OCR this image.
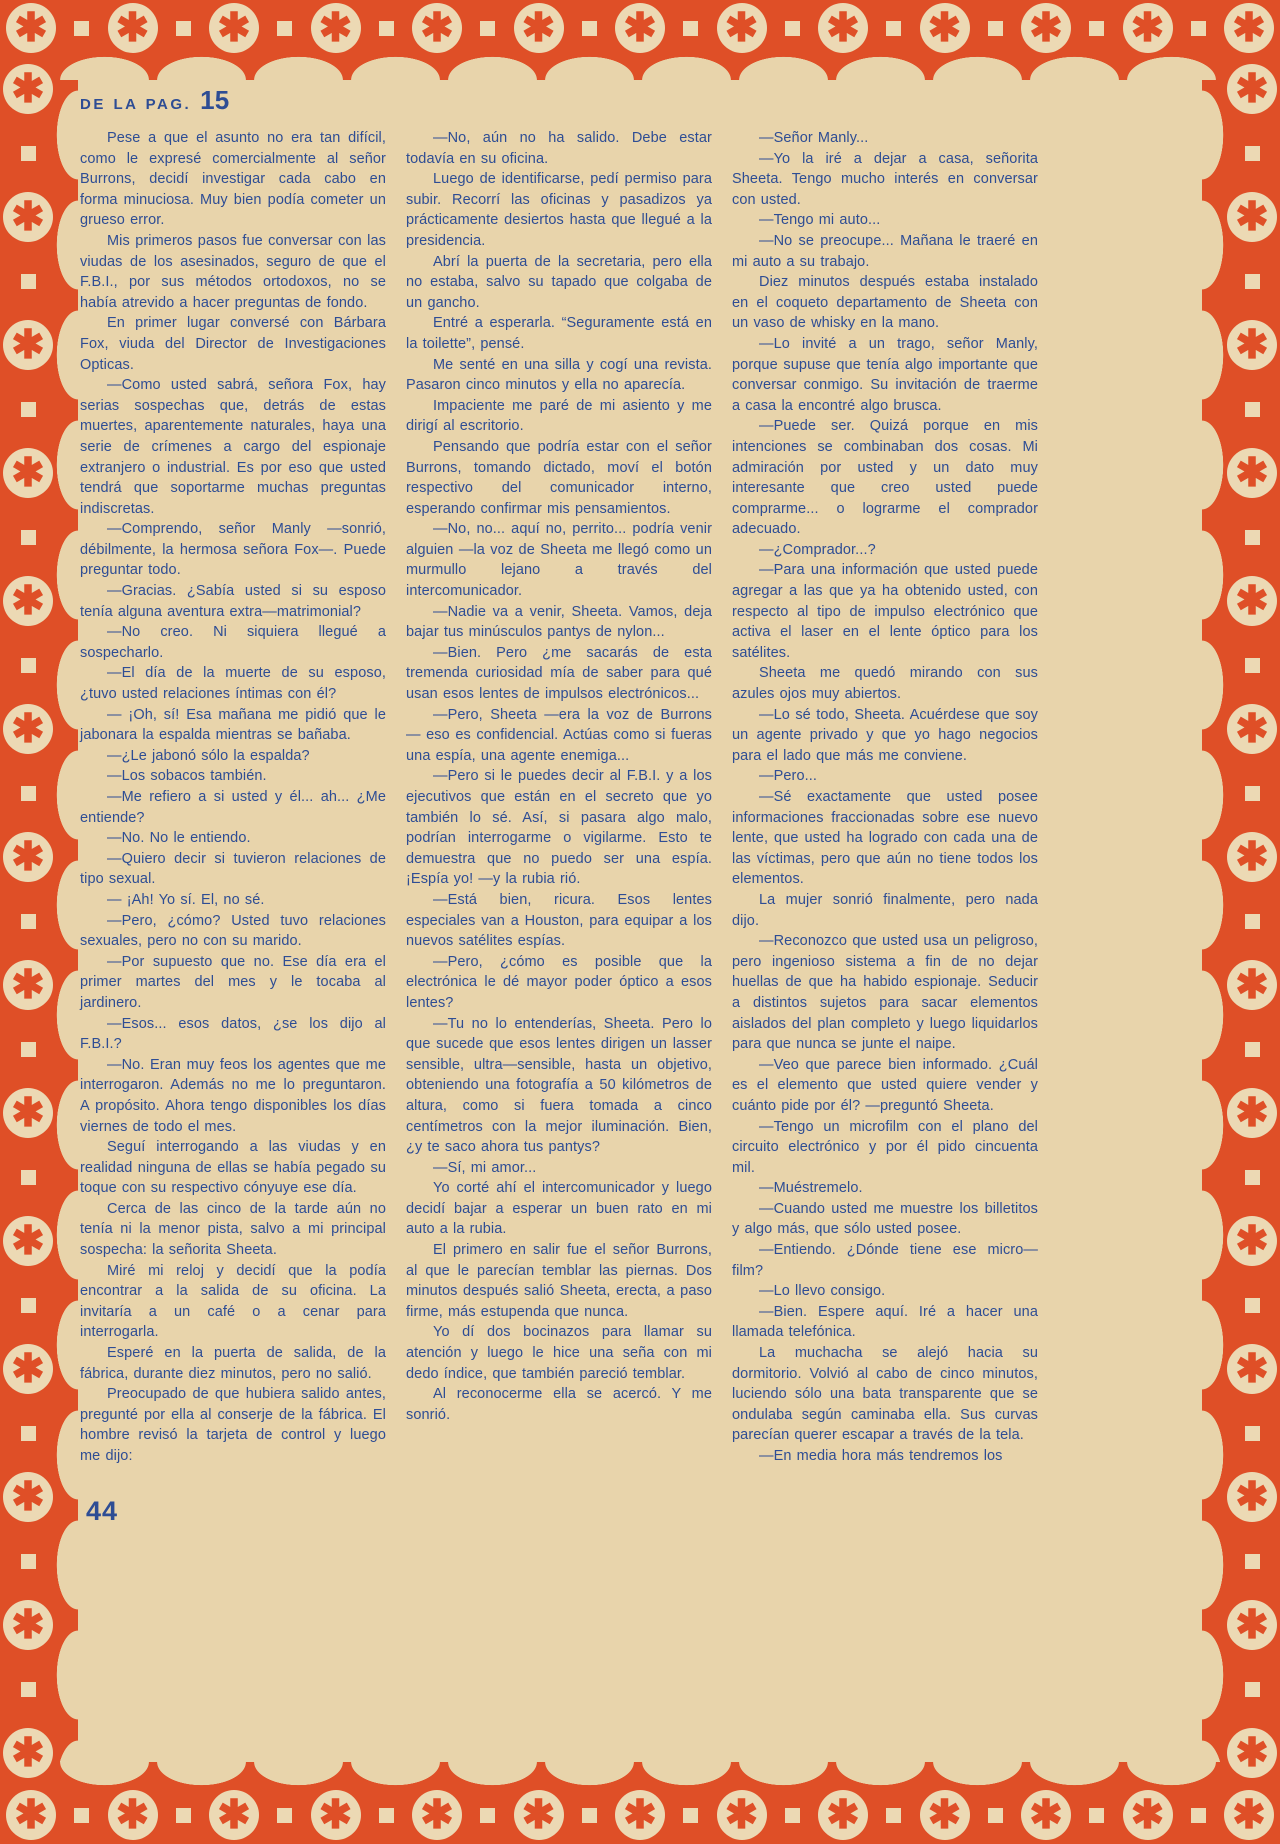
✱ ✱ ✱ ✱ ✱ ✱ ✱ ✱ ✱ ✱ ✱ ✱ ✱
✱ ✱ ✱ ✱ ✱ ✱ ✱ ✱ ✱ ✱ ✱ ✱ ✱
✱
✱
✱
✱
✱
✱
✱
✱
✱
✱
✱
✱
✱
✱
✱
✱
✱
✱
✱
✱
✱
✱
✱
✱
✱
✱
✱
✱
DE LA PAG. 15

Pese a que el asunto no era tan difícil, como le expresé comercialmente al señor Burrons, decidí investigar cada cabo en forma minuciosa. Muy bien podía cometer un grueso error.

Mis primeros pasos fue conversar con las viudas de los asesinados, seguro de que el F.B.I., por sus métodos ortodoxos, no se había atrevido a hacer preguntas de fondo.

En primer lugar conversé con Bárbara Fox, viuda del Director de Investigaciones Opticas.

—Como usted sabrá, señora Fox, hay serias sospechas que, detrás de estas muertes, aparentemente naturales, haya una serie de crímenes a cargo del espionaje extranjero o industrial. Es por eso que usted tendrá que soportarme muchas preguntas indiscretas.

—Comprendo, señor Manly —sonrió, débilmente, la hermosa señora Fox—. Puede preguntar todo.

—Gracias. ¿Sabía usted si su esposo tenía alguna aventura extra—matrimonial?

—No creo. Ni siquiera llegué a sospecharlo.

—El día de la muerte de su esposo, ¿tuvo usted relaciones íntimas con él?

— ¡Oh, sí! Esa mañana me pidió que le jabonara la espalda mientras se bañaba.

—¿Le jabonó sólo la espalda?

—Los sobacos también.

—Me refiero a si usted y él... ah... ¿Me entiende?

—No. No le entiendo.

—Quiero decir si tuvieron relaciones de tipo sexual.

— ¡Ah! Yo sí. El, no sé.

—Pero, ¿cómo? Usted tuvo relaciones sexuales, pero no con su marido.

—Por supuesto que no. Ese día era el primer martes del mes y le tocaba al jardinero.

—Esos... esos datos, ¿se los dijo al F.B.I.?

—No. Eran muy feos los agentes que me interrogaron. Además no me lo preguntaron. A propósito. Ahora tengo disponibles los días viernes de todo el mes.

Seguí interrogando a las viudas y en realidad ninguna de ellas se había pegado su toque con su respectivo cónyuye ese día.

Cerca de las cinco de la tarde aún no tenía ni la menor pista, salvo a mi principal sospecha: la señorita Sheeta.

Miré mi reloj y decidí que la podía encontrar a la salida de su oficina. La invitaría a un café o a cenar para interrogarla.

Esperé en la puerta de salida, de la fábrica, durante diez minutos, pero no salió.

Preocupado de que hubiera salido antes, pregunté por ella al conserje de la fábrica. El hombre revisó la tarjeta de control y luego me dijo:

—No, aún no ha salido. Debe estar todavía en su oficina.

Luego de identificarse, pedí permiso para subir. Recorrí las oficinas y pasadizos ya prácticamente desiertos hasta que llegué a la presidencia.

Abrí la puerta de la secretaria, pero ella no estaba, salvo su tapado que colgaba de un gancho.

Entré a esperarla. “Seguramente está en la toilette”, pensé.

Me senté en una silla y cogí una revista. Pasaron cinco minutos y ella no aparecía.

Impaciente me paré de mi asiento y me dirigí al escritorio.

Pensando que podría estar con el señor Burrons, tomando dictado, moví el botón respectivo del comunicador interno, esperando confirmar mis pensamientos.

—No, no... aquí no, perrito... podría venir alguien —la voz de Sheeta me llegó como un murmullo lejano a través del intercomunicador.

—Nadie va a venir, Sheeta. Vamos, deja bajar tus minúsculos pantys de nylon...

—Bien. Pero ¿me sacarás de esta tremenda curiosidad mía de saber para qué usan esos lentes de impulsos electrónicos...

—Pero, Sheeta —era la voz de Burrons— eso es confidencial. Actúas como si fueras una espía, una agente enemiga...

—Pero si le puedes decir al F.B.I. y a los ejecutivos que están en el secreto que yo también lo sé. Así, si pasara algo malo, podrían interrogarme o vigilarme. Esto te demuestra que no puedo ser una espía. ¡Espía yo! —y la rubia rió.

—Está bien, ricura. Esos lentes especiales van a Houston, para equipar a los nuevos satélites espías.

—Pero, ¿cómo es posible que la electrónica le dé mayor poder óptico a esos lentes?

—Tu no lo entenderías, Sheeta. Pero lo que sucede que esos lentes dirigen un lasser sensible, ultra—sensible, hasta un objetivo, obteniendo una fotografía a 50 kilómetros de altura, como si fuera tomada a cinco centímetros con la mejor iluminación. Bien, ¿y te saco ahora tus pantys?

—Sí, mi amor...

Yo corté ahí el intercomunicador y luego decidí bajar a esperar un buen rato en mi auto a la rubia.

El primero en salir fue el señor Burrons, al que le parecían temblar las piernas. Dos minutos después salió Sheeta, erecta, a paso firme, más estupenda que nunca.

Yo dí dos bocinazos para llamar su atención y luego le hice una seña con mi dedo índice, que también pareció temblar.

Al reconocerme ella se acercó. Y me sonrió.

—Señor Manly...

—Yo la iré a dejar a casa, señorita Sheeta. Tengo mucho interés en conversar con usted.

—Tengo mi auto...

—No se preocupe... Mañana le traeré en mi auto a su trabajo.

Diez minutos después estaba instalado en el coqueto departamento de Sheeta con un vaso de whisky en la mano.

—Lo invité a un trago, señor Manly, porque supuse que tenía algo importante que conversar conmigo. Su invitación de traerme a casa la encontré algo brusca.

—Puede ser. Quizá porque en mis intenciones se combinaban dos cosas. Mi admiración por usted y un dato muy interesante que creo usted puede comprarme... o lograrme el comprador adecuado.

—¿Comprador...?

—Para una información que usted puede agregar a las que ya ha obtenido usted, con respecto al tipo de impulso electrónico que activa el laser en el lente óptico para los satélites.

Sheeta me quedó mirando con sus azules ojos muy abiertos.

—Lo sé todo, Sheeta. Acuérdese que soy un agente privado y que yo hago negocios para el lado que más me conviene.

—Pero...

—Sé exactamente que usted posee informaciones fraccionadas sobre ese nuevo lente, que usted ha logrado con cada una de las víctimas, pero que aún no tiene todos los elementos.

La mujer sonrió finalmente, pero nada dijo.

—Reconozco que usted usa un peligroso, pero ingenioso sistema a fin de no dejar huellas de que ha habido espionaje. Seducir a distintos sujetos para sacar elementos aislados del plan completo y luego liquidarlos para que nunca se junte el naipe.

—Veo que parece bien informado. ¿Cuál es el elemento que usted quiere vender y cuánto pide por él? —preguntó Sheeta.

—Tengo un microfilm con el plano del circuito electrónico y por él pido cincuenta mil.

—Muéstremelo.

—Cuando usted me muestre los billetitos y algo más, que sólo usted posee.

—Entiendo. ¿Dónde tiene ese micro—film?

—Lo llevo consigo.

—Bien. Espere aquí. Iré a hacer una llamada telefónica.

La muchacha se alejó hacia su dormitorio. Volvió al cabo de cinco minutos, luciendo sólo una bata transparente que se ondulaba según caminaba ella. Sus curvas parecían querer escapar a través de la tela.

—En media hora más tendremos los

44
